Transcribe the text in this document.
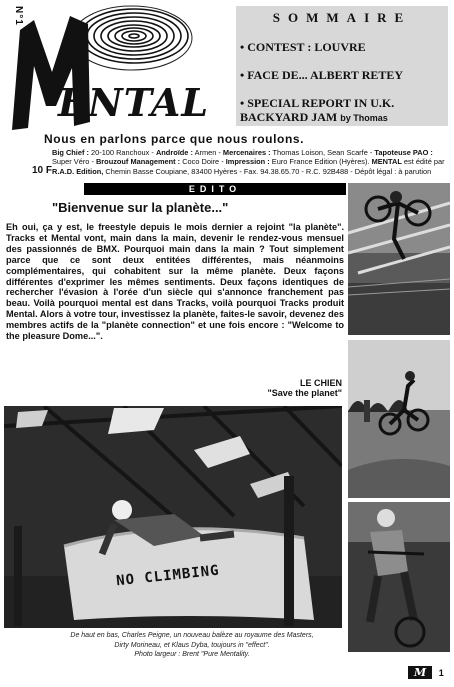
N°1
ENTAL
SOMMAIRE
• CONTEST : LOUVRE
• FACE DE... ALBERT RETEY
• SPECIAL REPORT IN U.K. BACKYARD JAM by Thomas
Nous en parlons parce que nous roulons.
10 F
Big Chief : 20-100 Ranchoux - Androïde : Armen - Mercenaires : Thomas Loison, Sean Scarfe - Tapoteuse PAO : Super Véro - Brouzouf Management : Coco Doire - Impression : Euro France Edition (Hyères). MENTAL est édité par R.A.D. Edition, Chemin Basse Coupiane, 83400 Hyères - Fax. 94.38.65.70 - R.C. 92B488 - Dépôt légal : à parution
EDITO
"Bienvenue sur la planète..."
Eh oui, ça y est, le freestyle depuis le mois dernier a rejoint "la planète". Tracks et Mental vont, main dans la main, devenir le rendez-vous mensuel des passionnés de BMX. Pourquoi main dans la main ? Tout simplement parce que ce sont deux entitées différentes, mais néanmoins complémentaires, qui cohabitent sur la même planète. Deux façons différentes d'exprimer les mêmes sentiments. Deux façons identiques de rechercher l'évasion à l'orée d'un siècle qui s'annonce franchement pas beau. Voilà pourquoi mental est dans Tracks, voilà pourquoi Tracks produit Mental. Alors à votre tour, investissez la planète, faites-le savoir, devenez des membres actifs de la "planète connection" et une fois encore : "Welcome to the pleasure Dome...".
LE CHIEN
"Save the planet"
NO CLIMBING
De haut en bas, Charles Peigne, un nouveau balèze au royaume des Masters,
Dirty Morineau, et Klaus Dyba, toujours in "effect".
Photo largeur : Brent "Pure Mentality.
M 1
